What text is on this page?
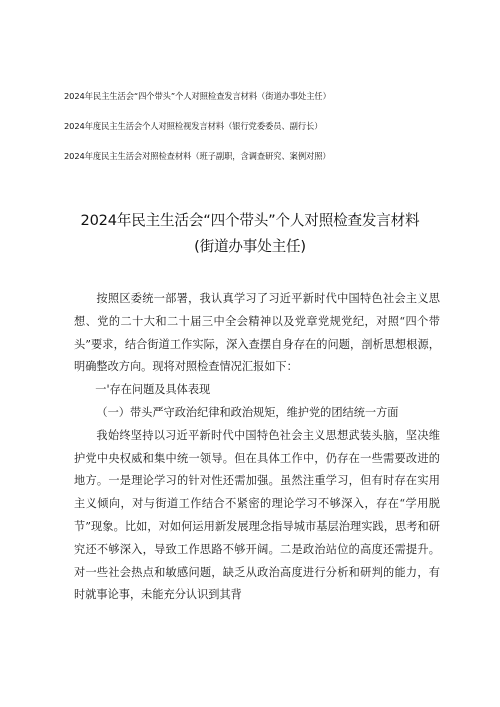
2024年民主生活会“四个带头”个人对照检查发言材料（街道办事处主任）
2024年度民主生活会个人对照检视发言材料（银行党委委员、副行长）
2024年度民主生活会对照检查材料（班子副职，含调查研究、案例对照）
2024年民主生活会“四个带头”个人对照检查发言材料
(街道办事处主任)

按照区委统一部署，我认真学习了习近平新时代中国特色社会主义思想、党的二十大和二十届三中全会精神以及党章党规党纪，对照“四个带头”要求，结合街道工作实际，深入查摆自身存在的问题，剖析思想根源，明确整改方向。现将对照检查情况汇报如下：

一'存在问题及具体表现

（一）带头严守政治纪律和政治规矩，维护党的团结统一方面

我始终坚持以习近平新时代中国特色社会主义思想武装头脑，坚决维护党中央权威和集中统一领导。但在具体工作中，仍存在一些需要改进的地方。一是理论学习的针对性还需加强。虽然注重学习，但有时存在实用主义倾向，对与街道工作结合不紧密的理论学习不够深入，存在“学用脱节”现象。比如，对如何运用新发展理念指导城市基层治理实践，思考和研究还不够深入，导致工作思路不够开阔。二是政治站位的高度还需提升。对一些社会热点和敏感问题，缺乏从政治高度进行分析和研判的能力，有时就事论事，未能充分认识到其背
